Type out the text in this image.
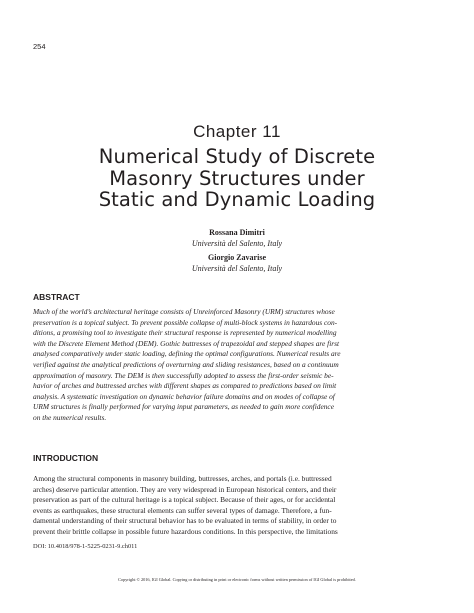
254
Chapter 11
Numerical Study of Discrete
Masonry Structures under
Static and Dynamic Loading
Rossana Dimitri
Università del Salento, Italy
Giorgio Zavarise
Università del Salento, Italy
ABSTRACT
Much of the world’s architectural heritage consists of Unreinforced Masonry (URM) structures whose
preservation is a topical subject. To prevent possible collapse of multi-block systems in hazardous con-
ditions, a promising tool to investigate their structural response is represented by numerical modelling
with the Discrete Element Method (DEM). Gothic buttresses of trapezoidal and stepped shapes are first
analysed comparatively under static loading, defining the optimal configurations. Numerical results are
verified against the analytical predictions of overturning and sliding resistances, based on a continuum
approximation of masonry. The DEM is then successfully adopted to assess the first-order seismic be-
havior of arches and buttressed arches with different shapes as compared to predictions based on limit
analysis. A systematic investigation on dynamic behavior failure domains and on modes of collapse of
URM structures is finally performed for varying input parameters, as needed to gain more confidence
on the numerical results.
INTRODUCTION
Among the structural components in masonry building, buttresses, arches, and portals (i.e. buttressed
arches) deserve particular attention. They are very widespread in European historical centers, and their
preservation as part of the cultural heritage is a topical subject. Because of their ages, or for accidental
events as earthquakes, these structural elements can suffer several types of damage. Therefore, a fun-
damental understanding of their structural behavior has to be evaluated in terms of stability, in order to
prevent their brittle collapse in possible future hazardous conditions. In this perspective, the limitations
DOI: 10.4018/978-1-5225-0231-9.ch011
Copyright © 2016, IGI Global. Copying or distributing in print or electronic forms without written permission of IGI Global is prohibited.
